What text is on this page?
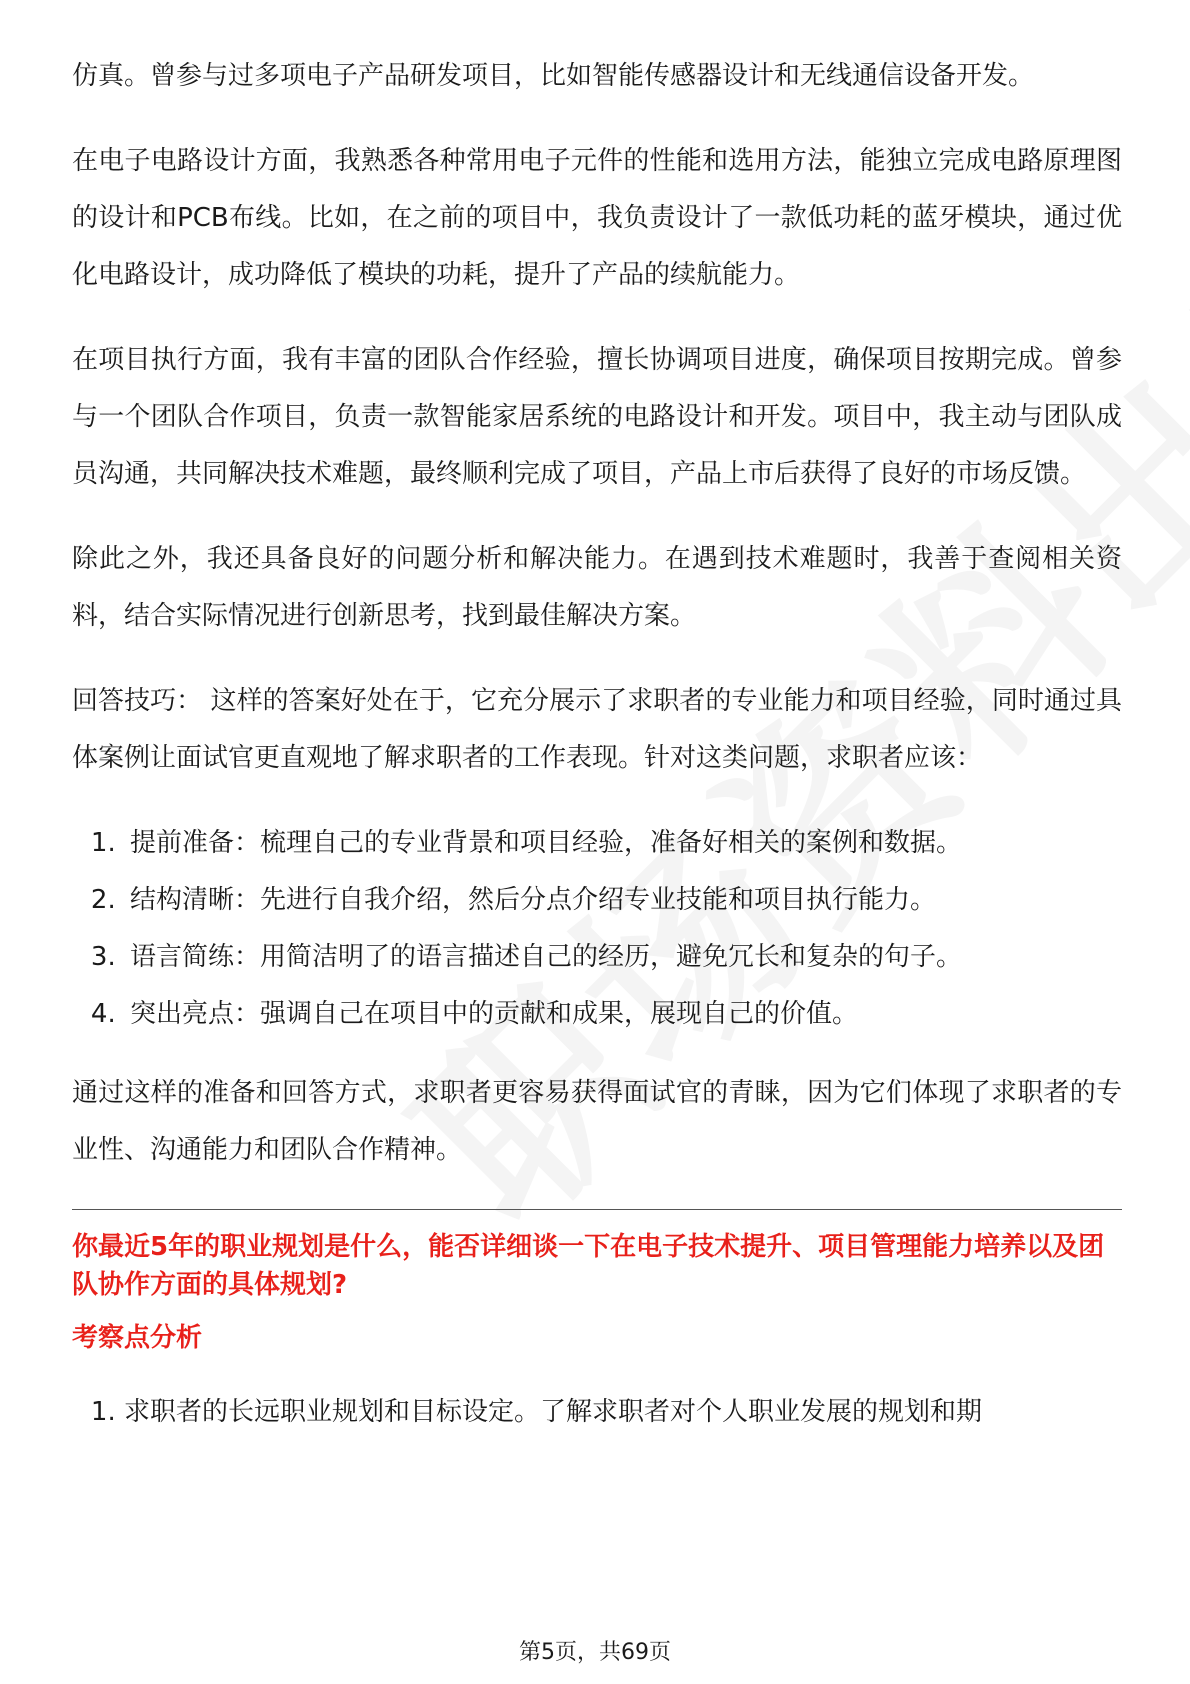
仿真。曾参与过多项电子产品研发项目，比如智能传感器设计和无线通信设备开发。

在电子电路设计方面，我熟悉各种常用电子元件的性能和选用方法，能独立完成电路原理图的设计和PCB布线。比如，在之前的项目中，我负责设计了一款低功耗的蓝牙模块，通过优化电路设计，成功降低了模块的功耗，提升了产品的续航能力。

在项目执行方面，我有丰富的团队合作经验，擅长协调项目进度，确保项目按期完成。曾参与一个团队合作项目，负责一款智能家居系统的电路设计和开发。项目中，我主动与团队成员沟通，共同解决技术难题，最终顺利完成了项目，产品上市后获得了良好的市场反馈。

除此之外，我还具备良好的问题分析和解决能力。在遇到技术难题时，我善于查阅相关资料，结合实际情况进行创新思考，找到最佳解决方案。

回答技巧： 这样的答案好处在于，它充分展示了求职者的专业能力和项目经验，同时通过具体案例让面试官更直观地了解求职者的工作表现。针对这类问题，求职者应该：

1. 提前准备：梳理自己的专业背景和项目经验，准备好相关的案例和数据。
2. 结构清晰：先进行自我介绍，然后分点介绍专业技能和项目执行能力。
3. 语言简练：用简洁明了的语言描述自己的经历，避免冗长和复杂的句子。
4. 突出亮点：强调自己在项目中的贡献和成果，展现自己的价值。

通过这样的准备和回答方式，求职者更容易获得面试官的青睐，因为它们体现了求职者的专业性、沟通能力和团队合作精神。

你最近5年的职业规划是什么，能否详细谈一下在电子技术提升、项目管理能力培养以及团队协作方面的具体规划?
考察点分析
1. 求职者的长远职业规划和目标设定。了解求职者对个人职业发展的规划和期
第5页，共69页
